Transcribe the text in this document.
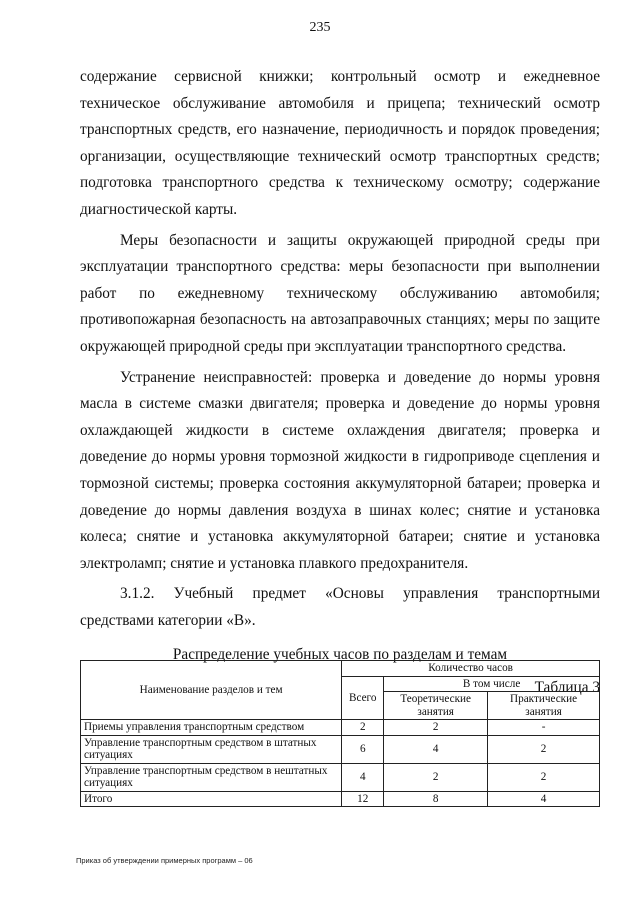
235

содержание сервисной книжки; контрольный осмотр и ежедневное техническое обслуживание автомобиля и прицепа; технический осмотр транспортных средств, его назначение, периодичность и порядок проведения; организации, осуществляющие технический осмотр транспортных средств; подготовка транспортного средства к техническому осмотру; содержание диагностической карты.

Меры безопасности и защиты окружающей природной среды при эксплуатации транспортного средства: меры безопасности при выполнении работ по ежедневному техническому обслуживанию автомобиля; противопожарная безопасность на автозаправочных станциях; меры по защите окружающей природной среды при эксплуатации транспортного средства.

Устранение неисправностей: проверка и доведение до нормы уровня масла в системе смазки двигателя; проверка и доведение до нормы уровня охлаждающей жидкости в системе охлаждения двигателя; проверка и доведение до нормы уровня тормозной жидкости в гидроприводе сцепления и тормозной системы; проверка состояния аккумуляторной батареи; проверка и доведение до нормы давления воздуха в шинах колес; снятие и установка колеса; снятие и установка аккумуляторной батареи; снятие и установка электроламп; снятие и установка плавкого предохранителя.

3.1.2. Учебный предмет «Основы управления транспортными средствами категории «В».

Распределение учебных часов по разделам и темам
Таблица 3
Наименование разделов и тем	Количество часов		
	Всего	В том числе	
		Теоретические занятия	Практические занятия
Приемы управления транспортным средством	2	2	-
Управление транспортным средством в штатных ситуациях	6	4	2
Управление транспортным средством в нештатных ситуациях	4	2	2
Итого	12	8	4
Приказ об утверждении примерных программ – 06
